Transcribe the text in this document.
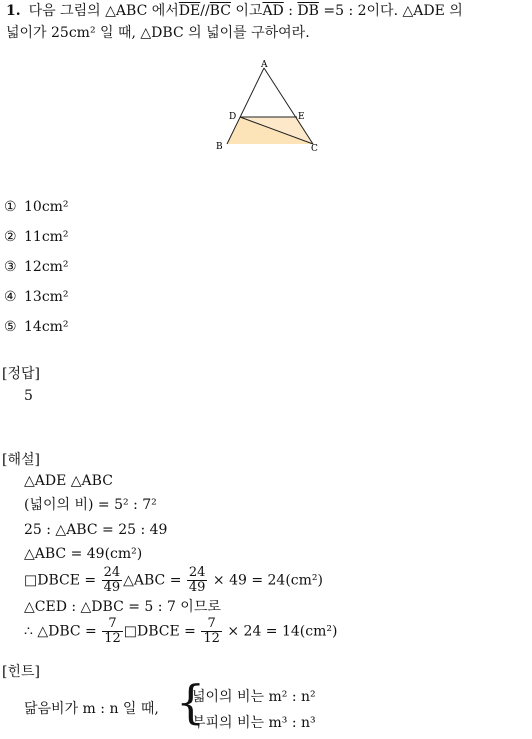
1. 다음 그림의 △ABC 에서$\overline{DE}//\overline{BC}$ 이고$\overline{AD}$ : $\overline{DB} =5$ : 2이다. △ADE 의
넓이가 25cm² 일 때, △DBC 의 넓이를 구하여라.
A
D	E
B	C
① 10cm²
② 11cm²
③ 12cm²
④ 13cm²
⑤ 14cm²
[정답]
5
[해설]
△ADE △ABC
(넓이의 비) = 5² : 7²
25 : △ABC = 25 : 49
△ABC = 49(cm²)
□DBCE = $\frac{24}{49}$ △ABC = $\frac{24}{49} \times 49 = 24(cm^2)$
△CED : △DBC = 5 : 7 이므로
∴ △DBC = $\frac{7}{12}$ □DBCE = $\frac{7}{12} \times 24 = 14(cm^2)$
[힌트]
닮음비가 m : n 일 때, {
넓이의 비는 m² : n²
부피의 비는 m³ : n³
